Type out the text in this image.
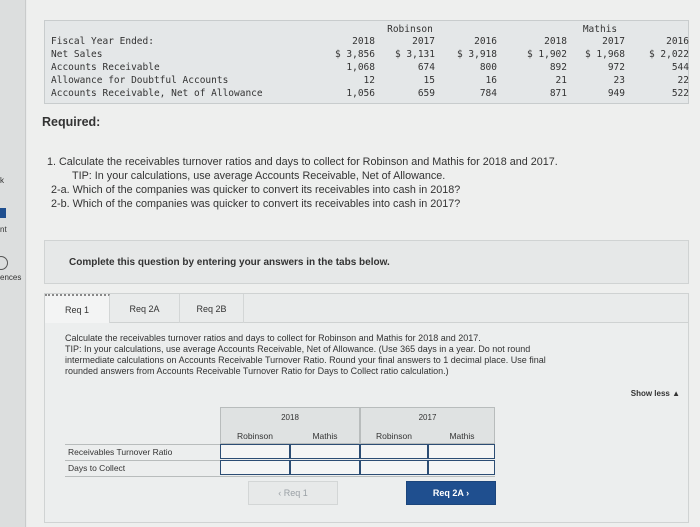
k
nt
ences
Robinson	Mathis
2018	2017	2016	2018	2017	2016
Fiscal Year Ended:
Net Sales	$ 3,856	$ 3,131	$ 3,918	$ 1,902	$ 1,968	$ 2,022
Accounts Receivable	1,068	674	800	892	972	544
Allowance for Doubtful Accounts	12	15	16	21	23	22
Accounts Receivable, Net of Allowance	1,056	659	784	871	949	522
Required:
1. Calculate the receivables turnover ratios and days to collect for Robinson and Mathis for 2018 and 2017.
TIP: In your calculations, use average Accounts Receivable, Net of Allowance.
2-a. Which of the companies was quicker to convert its receivables into cash in 2018?
2-b. Which of the companies was quicker to convert its receivables into cash in 2017?
Complete this question by entering your answers in the tabs below.
Req 1	Req 2A	Req 2B
Calculate the receivables turnover ratios and days to collect for Robinson and Mathis for 2018 and 2017.
TIP: In your calculations, use average Accounts Receivable, Net of Allowance. (Use 365 days in a year. Do not round
intermediate calculations on Accounts Receivable Turnover Ratio. Round your final answers to 1 decimal place. Use final
rounded answers from Accounts Receivable Turnover Ratio for Days to Collect ratio calculation.)
Show less ▲
2018
Robinson	Mathis
2017
Robinson	Mathis
Receivables Turnover Ratio
Days to Collect
‹ Req 1	Req 2A ›
